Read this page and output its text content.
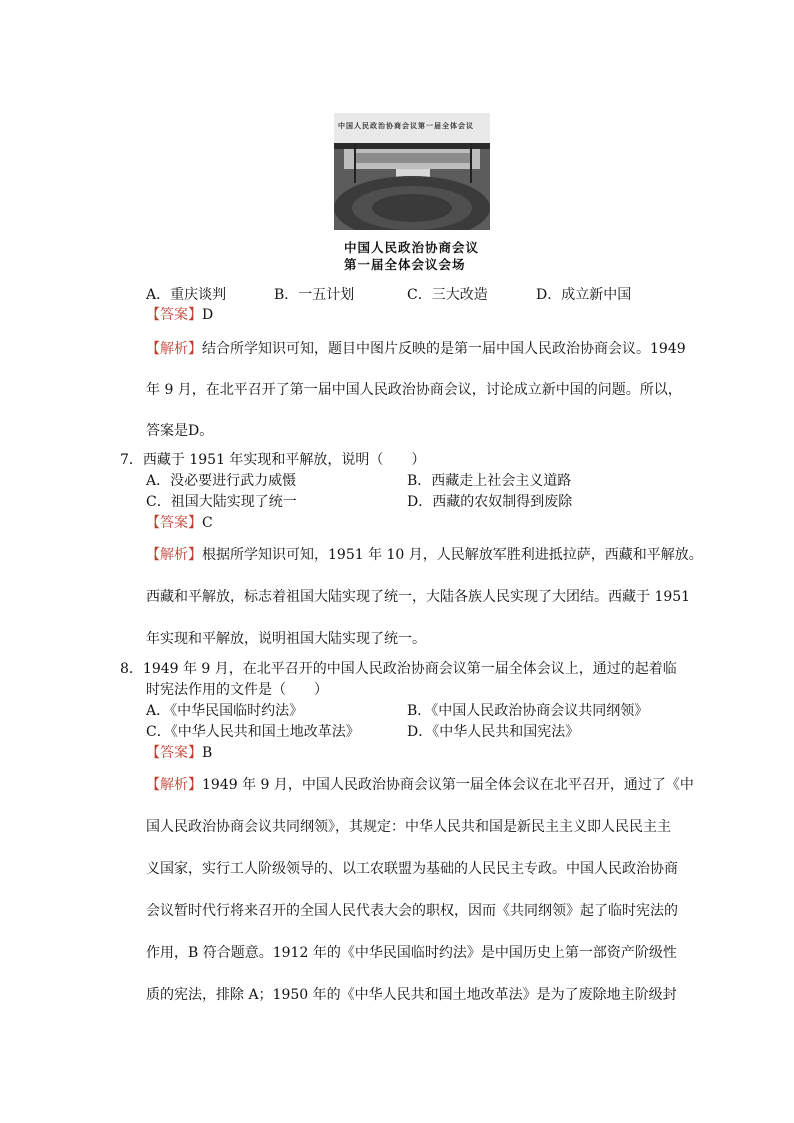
中国人民政治协商会议第一届全体会议
中国人民政治协商会议
第一届全体会议会场
A．重庆谈判	B．一五计划	C．三大改造	D．成立新中国
【答案】D
【解析】结合所学知识可知，题目中图片反映的是第一届中国人民政治协商会议。1949
年 9 月，在北平召开了第一届中国人民政治协商会议，讨论成立新中国的问题。所以，
答案是D。
7．西藏于 1951 年实现和平解放，说明（　　）
A．没必要进行武力威慑	B．西藏走上社会主义道路
C．祖国大陆实现了统一	D．西藏的农奴制得到废除
【答案】C
【解析】根据所学知识可知，1951 年 10 月，人民解放军胜利进抵拉萨，西藏和平解放。
西藏和平解放，标志着祖国大陆实现了统一，大陆各族人民实现了大团结。西藏于 1951
年实现和平解放，说明祖国大陆实现了统一。
8．1949 年 9 月，在北平召开的中国人民政治协商会议第一届全体会议上，通过的起着临
时宪法作用的文件是（　　）
A．《中华民国临时约法》	B．《中国人民政治协商会议共同纲领》
C．《中华人民共和国土地改革法》	D．《中华人民共和国宪法》
【答案】B
【解析】1949 年 9 月，中国人民政治协商会议第一届全体会议在北平召开，通过了《中
国人民政治协商会议共同纲领》，其规定：中华人民共和国是新民主主义即人民民主主
义国家，实行工人阶级领导的、以工农联盟为基础的人民民主专政。中国人民政治协商
会议暂时代行将来召开的全国人民代表大会的职权，因而《共同纲领》起了临时宪法的
作用，B 符合题意。1912 年的《中华民国临时约法》是中国历史上第一部资产阶级性
质的宪法，排除 A；1950 年的《中华人民共和国土地改革法》是为了废除地主阶级封
